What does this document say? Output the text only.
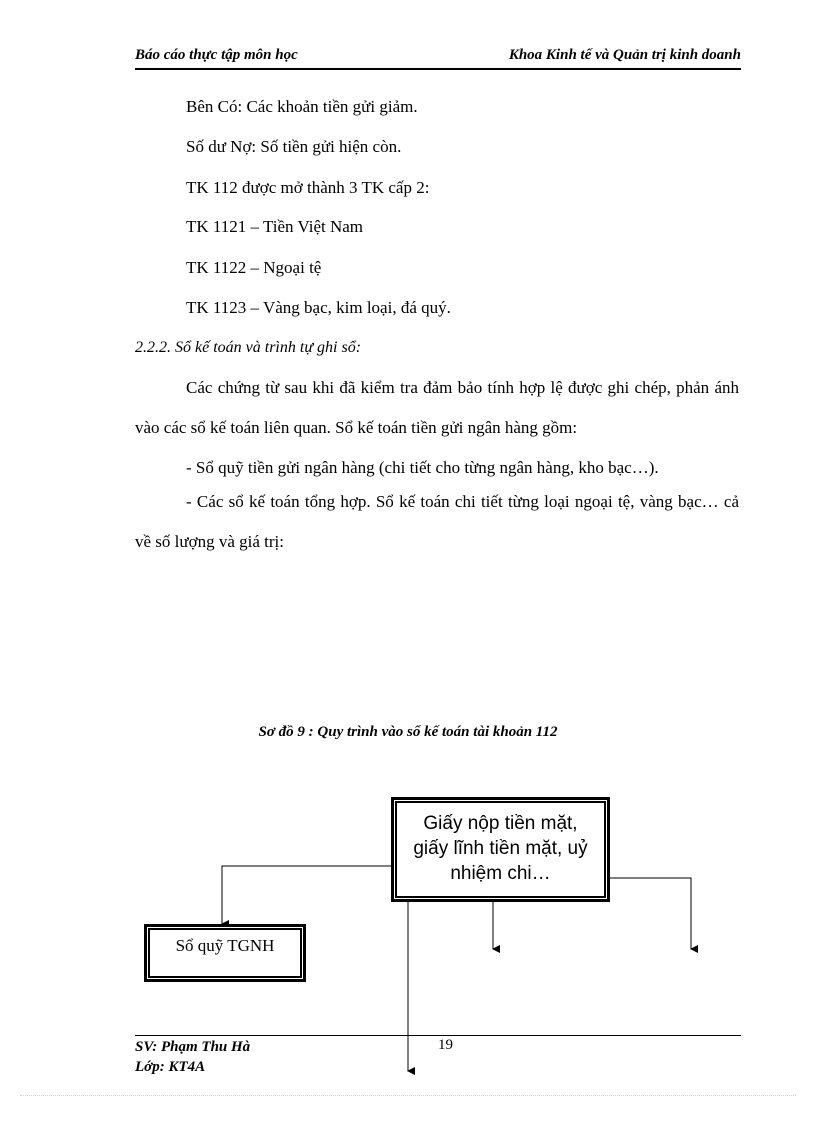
Báo cáo thực tập môn học	Khoa Kinh tế và Quản trị kinh doanh
Bên Có: Các khoản tiền gửi giảm.
Số dư Nợ: Số tiền gửi hiện còn.
TK 112 được mở thành 3 TK cấp 2:
TK 1121 – Tiền Việt Nam
TK 1122 – Ngoại tệ
TK 1123 – Vàng bạc, kim loại, đá quý.
2.2.2. Sổ kế toán và trình tự ghi sổ:
Các chứng từ sau khi đã kiểm tra đảm bảo tính hợp lệ được ghi chép, phản ánh vào các sổ kế toán liên quan. Sổ kế toán tiền gửi ngân hàng gồm:
- Sổ quỹ tiền gửi ngân hàng (chi tiết cho từng ngân hàng, kho bạc…).
- Các sổ kế toán tổng hợp. Sổ kế toán chi tiết từng loại ngoại tệ, vàng bạc… cả về số lượng và giá trị:
Sơ đồ 9 : Quy trình vào sổ kế toán tài khoản 112
Giấy nộp tiền mặt,
giấy lĩnh tiền mặt, uỷ
nhiệm chi…
Sổ quỹ TGNH
SV: Phạm Thu Hà
Lớp: KT4A
19
